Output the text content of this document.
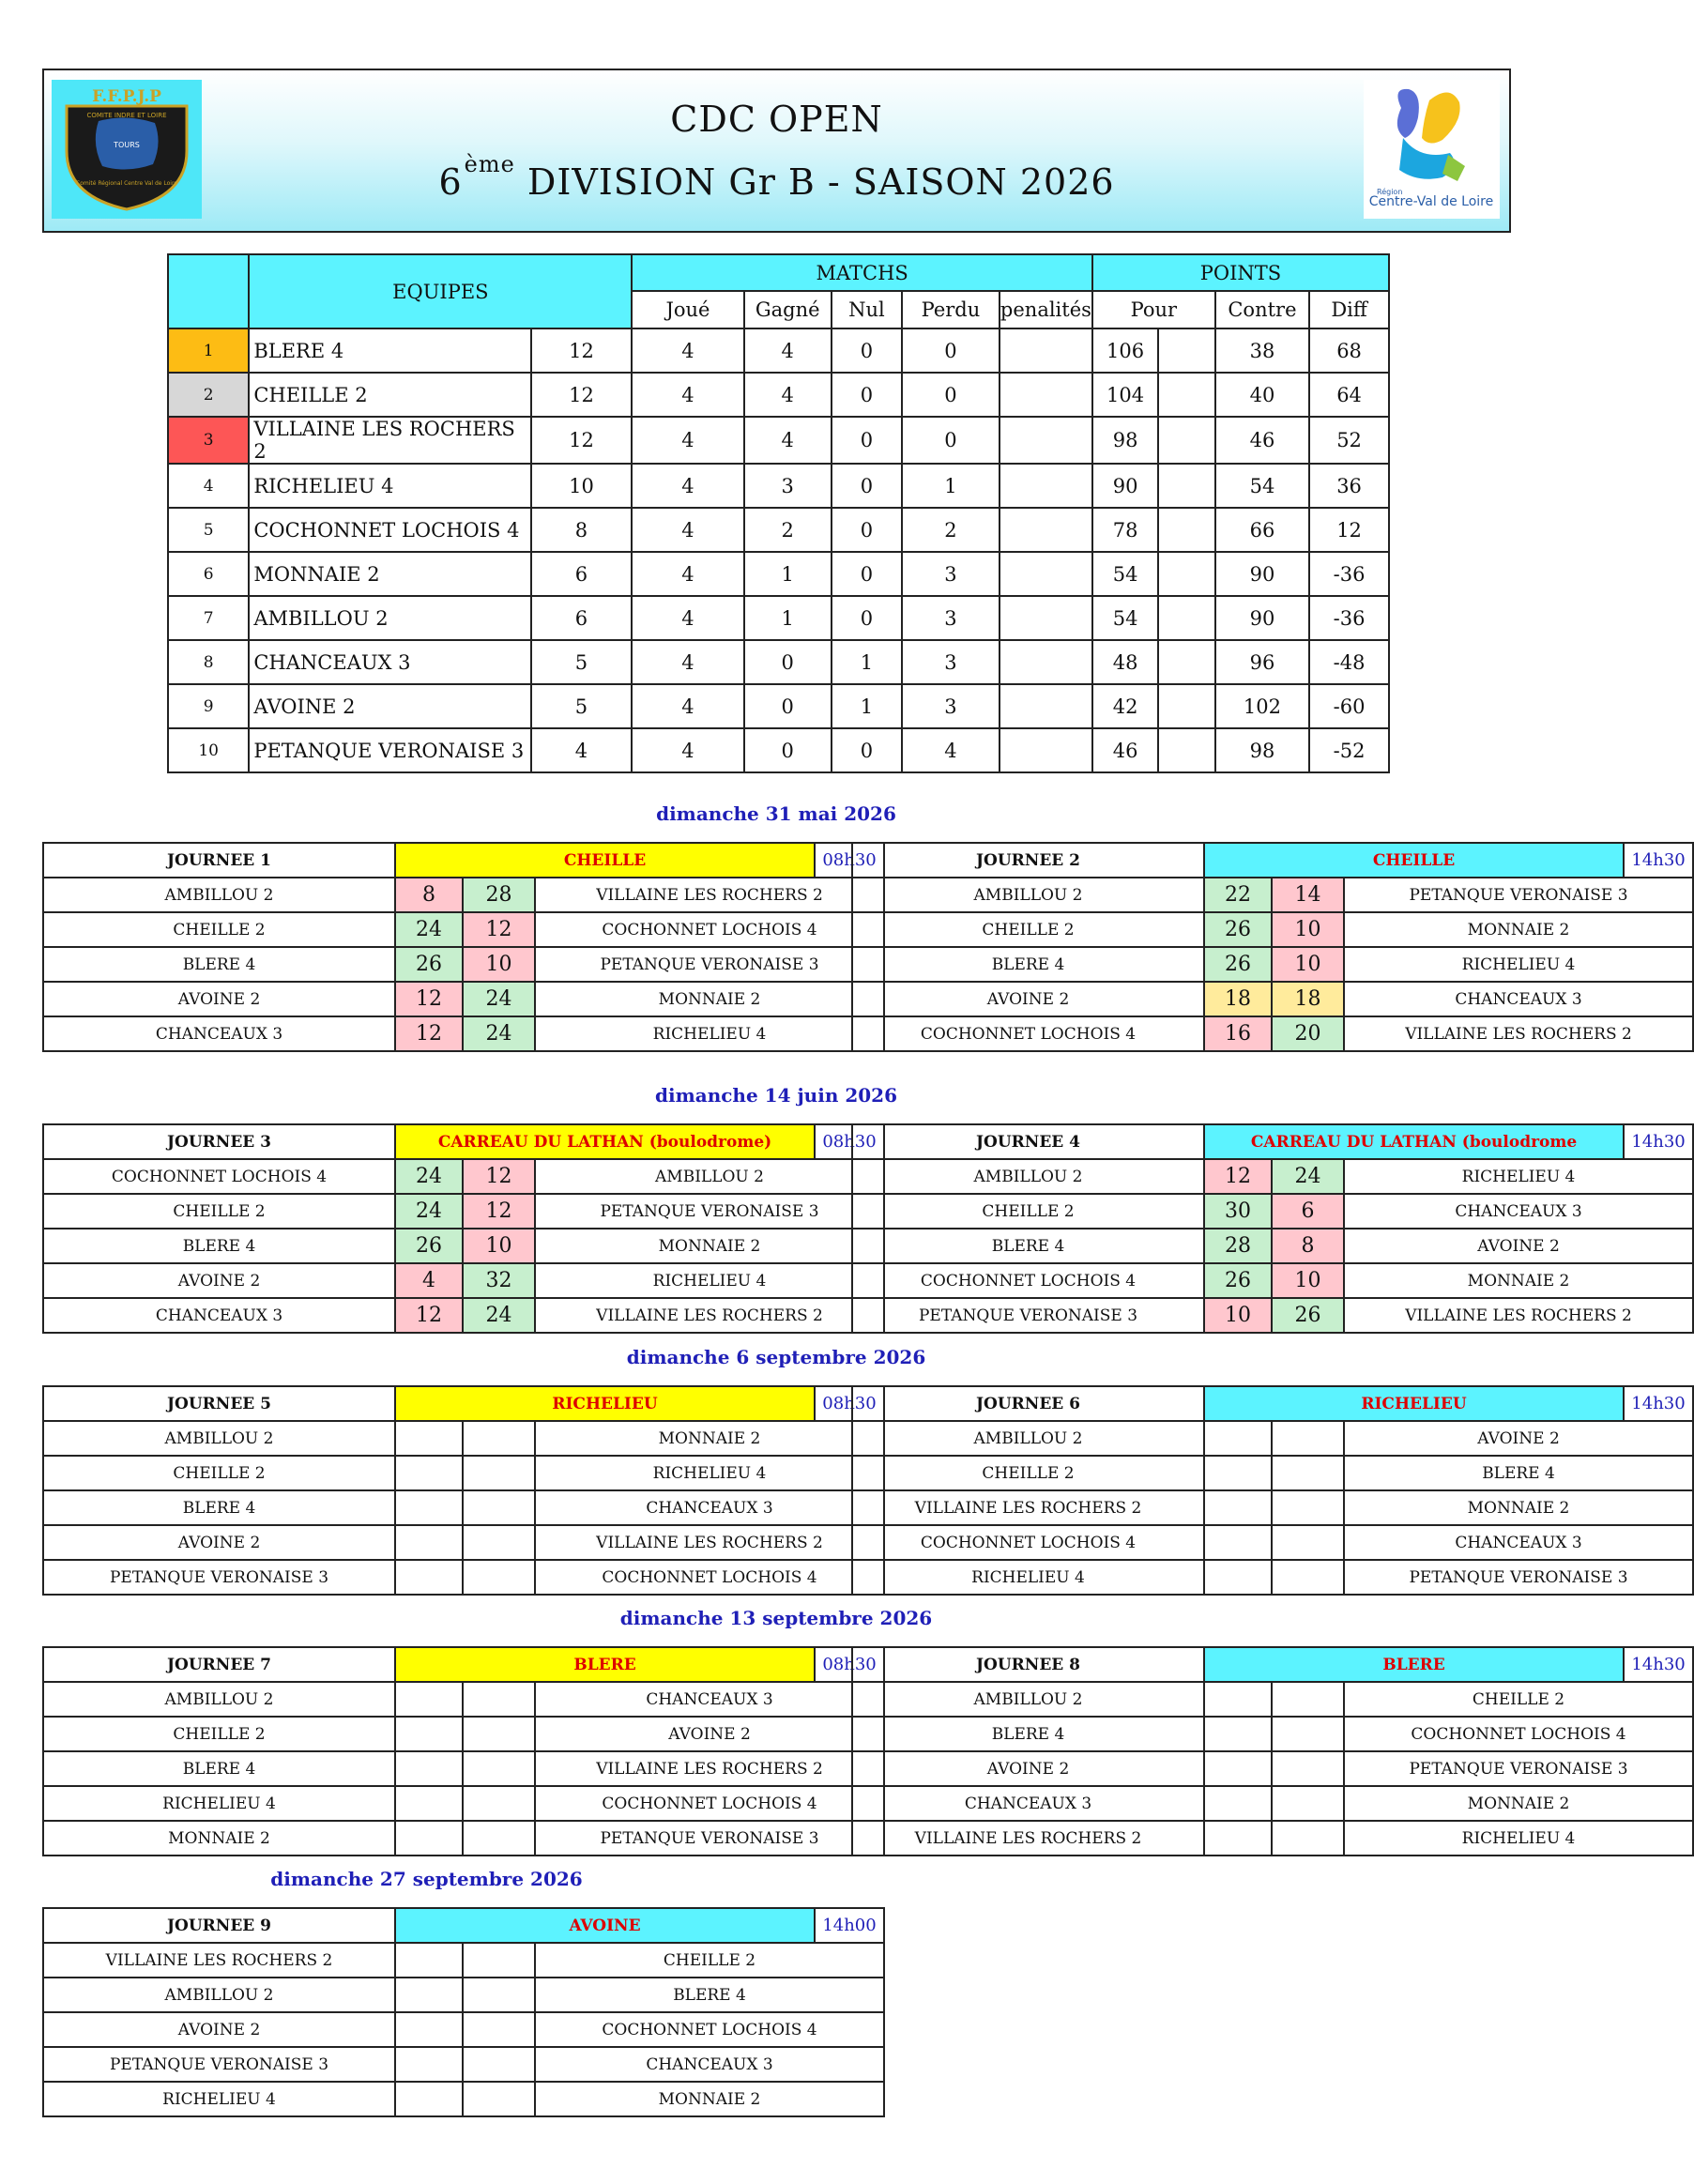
F.F.P.J.P
COMITE INDRE ET LOIRE
TOURS
Comité Régional Centre Val de Loire
CDC OPEN
6ème DIVISION Gr B - SAISON 2026	Région
Centre-Val de Loire
	EQUIPES		MATCHS					POINTS			
			Joué	Gagné	Nul	Perdu	penalités	Pour		Contre	Diff
1	BLERE 4	12	4	4	0	0		106		38	68
2	CHEILLE 2	12	4	4	0	0		104		40	64
3	VILLAINE LES ROCHERS 2	12	4	4	0	0		98		46	52
4	RICHELIEU 4	10	4	3	0	1		90		54	36
5	COCHONNET LOCHOIS 4	8	4	2	0	2		78		66	12
6	MONNAIE 2	6	4	1	0	3		54		90	-36
7	AMBILLOU 2	6	4	1	0	3		54		90	-36
8	CHANCEAUX 3	5	4	0	1	3		48		96	-48
9	AVOINE 2	5	4	0	1	3		42		102	-60
10	PETANQUE VERONAISE 3	4	4	0	0	4		46		98	-52
dimanche 31 mai 2026
dimanche 14 juin 2026
dimanche 6 septembre 2026
dimanche 13 septembre 2026
dimanche 27 septembre 2026
JOURNEE 1	CHEILLE			08h30
AMBILLOU 2	8	28	VILLAINE LES ROCHERS 2	
CHEILLE 2	24	12	COCHONNET LOCHOIS 4	
BLERE 4	26	10	PETANQUE VERONAISE 3	
AVOINE 2	12	24	MONNAIE 2	
CHANCEAUX 3	12	24	RICHELIEU 4	
JOURNEE 2	CHEILLE			14h30
AMBILLOU 2	22	14	PETANQUE VERONAISE 3	
CHEILLE 2	26	10	MONNAIE 2	
BLERE 4	26	10	RICHELIEU 4	
AVOINE 2	18	18	CHANCEAUX 3	
COCHONNET LOCHOIS 4	16	20	VILLAINE LES ROCHERS 2	
JOURNEE 3	CARREAU DU LATHAN (boulodrome)			08h30
COCHONNET LOCHOIS 4	24	12	AMBILLOU 2	
CHEILLE 2	24	12	PETANQUE VERONAISE 3	
BLERE 4	26	10	MONNAIE 2	
AVOINE 2	4	32	RICHELIEU 4	
CHANCEAUX 3	12	24	VILLAINE LES ROCHERS 2	
JOURNEE 4	CARREAU DU LATHAN (boulodrome			14h30
AMBILLOU 2	12	24	RICHELIEU 4	
CHEILLE 2	30	6	CHANCEAUX 3	
BLERE 4	28	8	AVOINE 2	
COCHONNET LOCHOIS 4	26	10	MONNAIE 2	
PETANQUE VERONAISE 3	10	26	VILLAINE LES ROCHERS 2	
JOURNEE 5	RICHELIEU			08h30
AMBILLOU 2			MONNAIE 2	
CHEILLE 2			RICHELIEU 4	
BLERE 4			CHANCEAUX 3	
AVOINE 2			VILLAINE LES ROCHERS 2	
PETANQUE VERONAISE 3			COCHONNET LOCHOIS 4	
JOURNEE 6	RICHELIEU			14h30
AMBILLOU 2			AVOINE 2	
CHEILLE 2			BLERE 4	
VILLAINE LES ROCHERS 2			MONNAIE 2	
COCHONNET LOCHOIS 4			CHANCEAUX 3	
RICHELIEU 4			PETANQUE VERONAISE 3	
JOURNEE 7	BLERE			08h30
AMBILLOU 2			CHANCEAUX 3	
CHEILLE 2			AVOINE 2	
BLERE 4			VILLAINE LES ROCHERS 2	
RICHELIEU 4			COCHONNET LOCHOIS 4	
MONNAIE 2			PETANQUE VERONAISE 3	
JOURNEE 8	BLERE			14h30
AMBILLOU 2			CHEILLE 2	
BLERE 4			COCHONNET LOCHOIS 4	
AVOINE 2			PETANQUE VERONAISE 3	
CHANCEAUX 3			MONNAIE 2	
VILLAINE LES ROCHERS 2			RICHELIEU 4	
JOURNEE 9	AVOINE			14h00
VILLAINE LES ROCHERS 2			CHEILLE 2	
AMBILLOU 2			BLERE 4	
AVOINE 2			COCHONNET LOCHOIS 4	
PETANQUE VERONAISE 3			CHANCEAUX 3	
RICHELIEU 4			MONNAIE 2	
